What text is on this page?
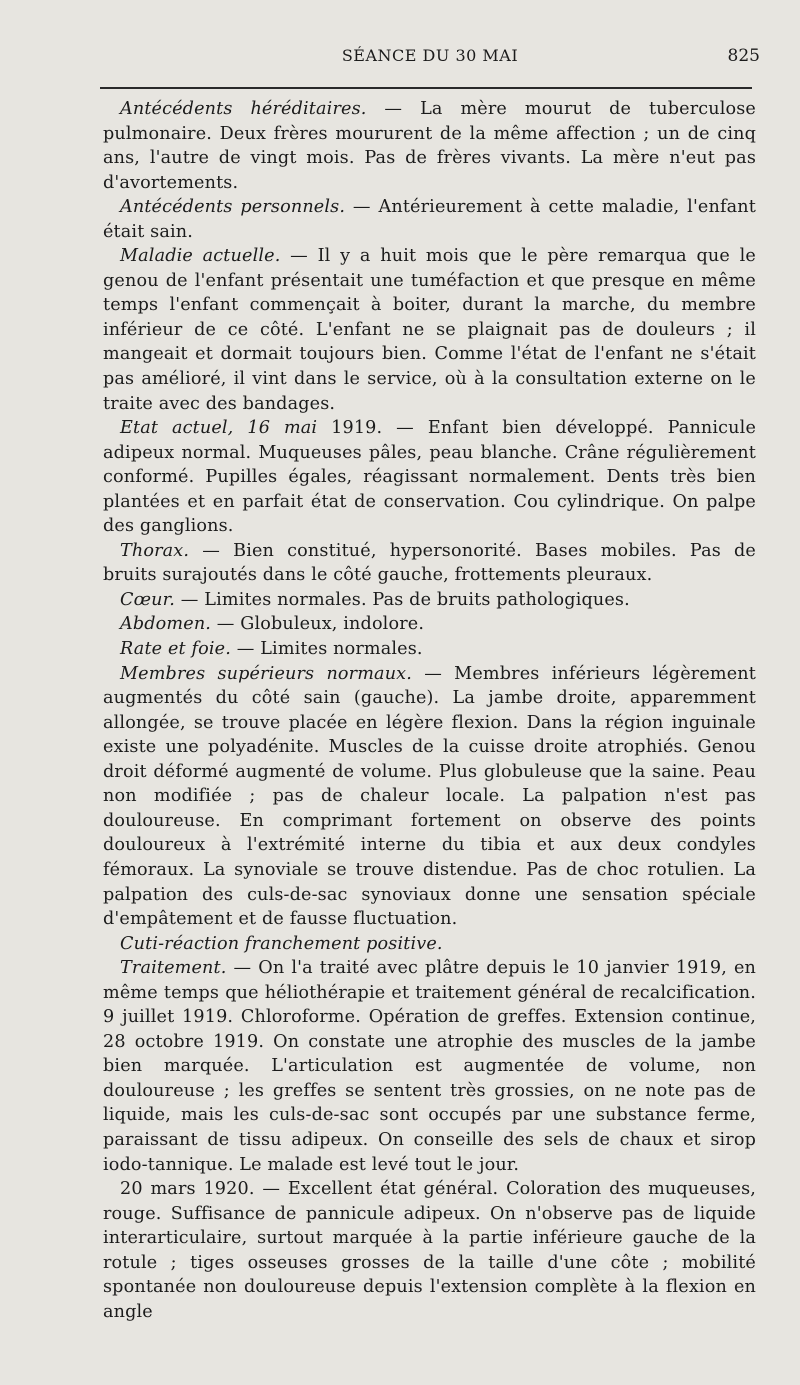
SÉANCE DU 30 MAI	825

Antécédents héréditaires. — La mère mourut de tuberculose pulmonaire. Deux frères moururent de la même affection ; un de cinq ans, l'autre de vingt mois. Pas de frères vivants. La mère n'eut pas d'avortements.

Antécédents personnels. — Antérieurement à cette maladie, l'enfant était sain.

Maladie actuelle. — Il y a huit mois que le père remarqua que le genou de l'enfant présentait une tuméfaction et que presque en même temps l'enfant commençait à boiter, durant la marche, du membre inférieur de ce côté. L'enfant ne se plaignait pas de douleurs ; il mangeait et dormait toujours bien. Comme l'état de l'enfant ne s'était pas amélioré, il vint dans le service, où à la consultation externe on le traite avec des bandages.

Etat actuel, 16 mai 1919. — Enfant bien développé. Pannicule adipeux normal. Muqueuses pâles, peau blanche. Crâne régulièrement conformé. Pupilles égales, réagissant normalement. Dents très bien plantées et en parfait état de conservation. Cou cylindrique. On palpe des ganglions.

Thorax. — Bien constitué, hypersonorité. Bases mobiles. Pas de bruits surajoutés dans le côté gauche, frottements pleuraux.

Cœur. — Limites normales. Pas de bruits pathologiques.

Abdomen. — Globuleux, indolore.

Rate et foie. — Limites normales.

Membres supérieurs normaux. — Membres inférieurs légèrement augmentés du côté sain (gauche). La jambe droite, apparemment allongée, se trouve placée en légère flexion. Dans la région inguinale existe une polyadénite. Muscles de la cuisse droite atrophiés. Genou droit déformé augmenté de volume. Plus globuleuse que la saine. Peau non modifiée ; pas de chaleur locale. La palpation n'est pas douloureuse. En comprimant fortement on observe des points douloureux à l'extrémité interne du tibia et aux deux condyles fémoraux. La synoviale se trouve distendue. Pas de choc rotulien. La palpation des culs-de-sac synoviaux donne une sensation spéciale d'empâtement et de fausse fluctuation.

Cuti-réaction franchement positive.

Traitement. — On l'a traité avec plâtre depuis le 10 janvier 1919, en même temps que héliothérapie et traitement général de recalcification. 9 juillet 1919. Chloroforme. Opération de greffes. Extension continue, 28 octobre 1919. On constate une atrophie des muscles de la jambe bien marquée. L'articulation est augmentée de volume, non douloureuse ; les greffes se sentent très grossies, on ne note pas de liquide, mais les culs-de-sac sont occupés par une substance ferme, paraissant de tissu adipeux. On conseille des sels de chaux et sirop iodo-tannique. Le malade est levé tout le jour.

20 mars 1920. — Excellent état général. Coloration des muqueuses, rouge. Suffisance de pannicule adipeux. On n'observe pas de liquide interarticulaire, surtout marquée à la partie inférieure gauche de la rotule ; tiges osseuses grosses de la taille d'une côte ; mobilité spontanée non douloureuse depuis l'extension complète à la flexion en angle
